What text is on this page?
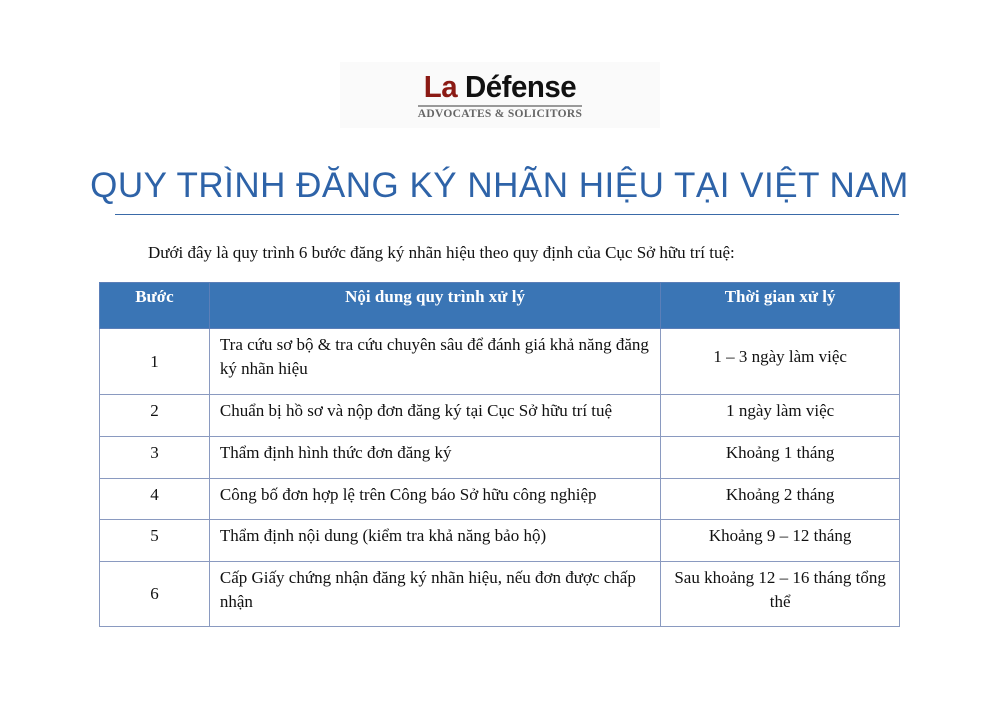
La Défense
ADVOCATES & SOLICITORS
QUY TRÌNH ĐĂNG KÝ NHÃN HIỆU TẠI VIỆT NAM
Dưới đây là quy trình 6 bước đăng ký nhãn hiệu theo quy định của Cục Sở hữu trí tuệ:
Bước	Nội dung quy trình xử lý	Thời gian xử lý
1	Tra cứu sơ bộ & tra cứu chuyên sâu để đánh giá khả năng đăng ký nhãn hiệu	1 – 3 ngày làm việc
2	Chuẩn bị hồ sơ và nộp đơn đăng ký tại Cục Sở hữu trí tuệ	1 ngày làm việc
3	Thẩm định hình thức đơn đăng ký	Khoảng 1 tháng
4	Công bố đơn hợp lệ trên Công báo Sở hữu công nghiệp	Khoảng 2 tháng
5	Thẩm định nội dung (kiểm tra khả năng bảo hộ)	Khoảng 9 – 12 tháng
6	Cấp Giấy chứng nhận đăng ký nhãn hiệu, nếu đơn được chấp nhận	Sau khoảng 12 – 16 tháng tổng thể
